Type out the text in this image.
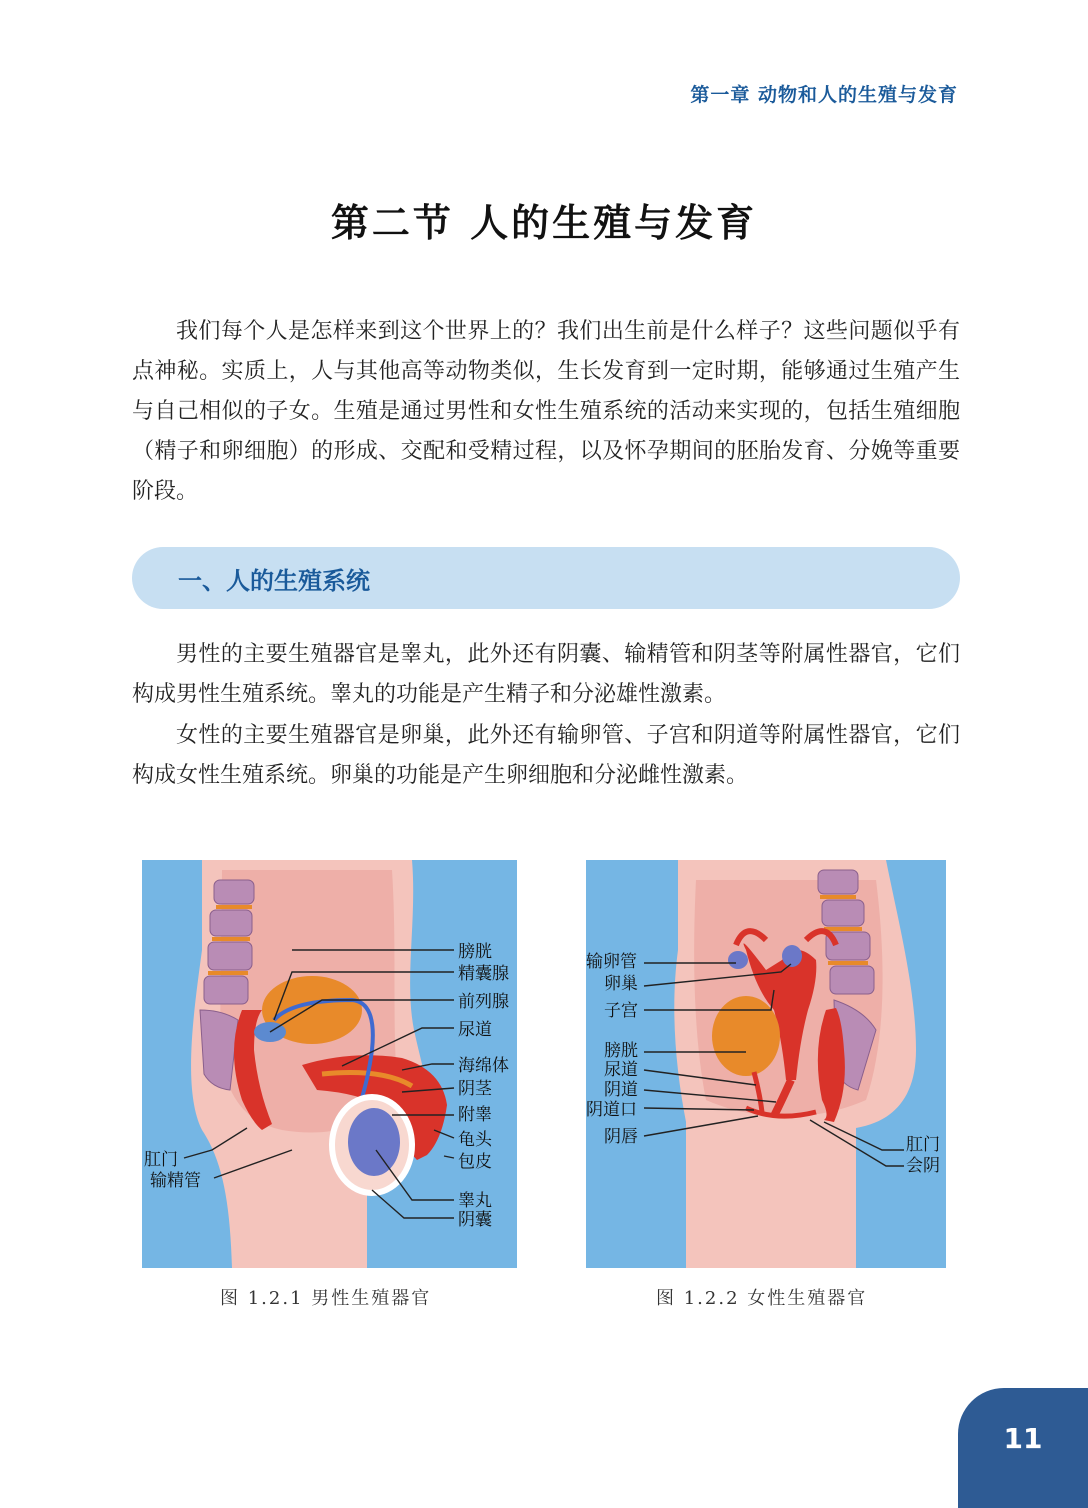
第一章 动物和人的生殖与发育
第二节 人的生殖与发育

我们每个人是怎样来到这个世界上的？我们出生前是什么样子？这些问题似乎有点神秘。实质上，人与其他高等动物类似，生长发育到一定时期，能够通过生殖产生与自己相似的子女。生殖是通过男性和女性生殖系统的活动来实现的，包括生殖细胞（精子和卵细胞）的形成、交配和受精过程，以及怀孕期间的胚胎发育、分娩等重要阶段。

一、人的生殖系统

男性的主要生殖器官是睾丸，此外还有阴囊、输精管和阴茎等附属性器官，它们构成男性生殖系统。睾丸的功能是产生精子和分泌雄性激素。

女性的主要生殖器官是卵巢，此外还有输卵管、子宫和阴道等附属性器官，它们构成女性生殖系统。卵巢的功能是产生卵细胞和分泌雌性激素。

膀胱
精囊腺
前列腺
尿道
海绵体
阴茎
附睾
龟头
包皮
肛门
输精管
睾丸
阴囊
输卵管
卵巢
子宫
膀胱
尿道
阴道
阴道口
阴唇	肛门
会阴
图 1.2.1 男性生殖器官	图 1.2.2 女性生殖器官
11
